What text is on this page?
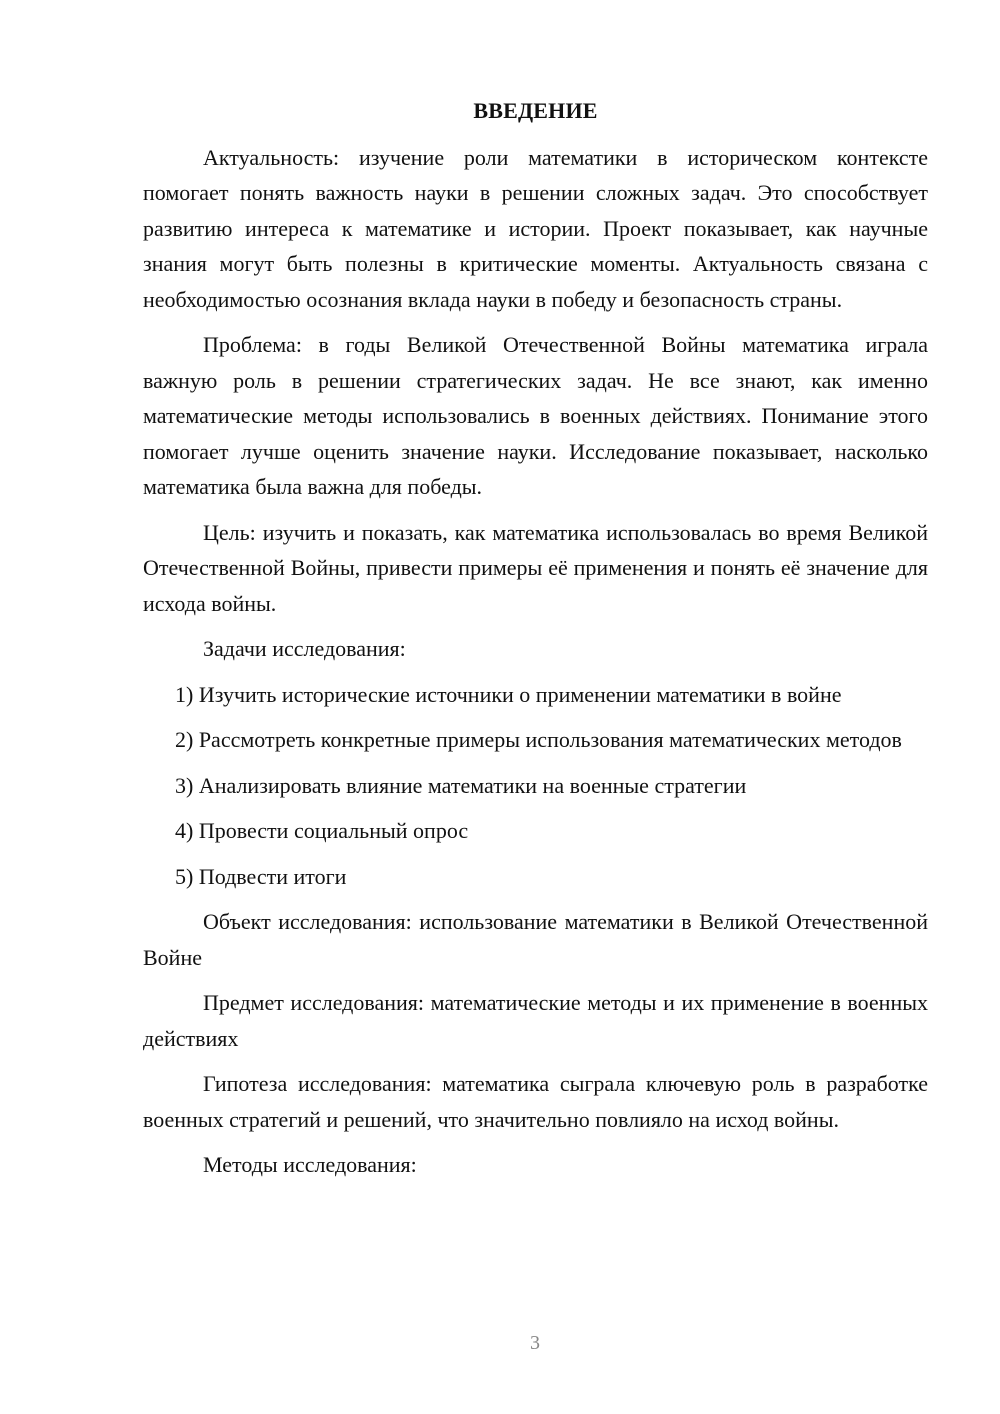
ВВЕДЕНИЕ

Актуальность: изучение роли математики в историческом контексте помогает понять важность науки в решении сложных задач. Это способствует развитию интереса к математике и истории. Проект показывает, как научные знания могут быть полезны в критические моменты. Актуальность связана с необходимостью осознания вклада науки в победу и безопасность страны.

Проблема: в годы Великой Отечественной Войны математика играла важную роль в решении стратегических задач. Не все знают, как именно математические методы использовались в военных действиях. Понимание этого помогает лучше оценить значение науки. Исследование показывает, насколько математика была важна для победы.

Цель: изучить и показать, как математика использовалась во время Великой Отечественной Войны, привести примеры её применения и понять её значение для исхода войны.

Задачи исследования:

1) Изучить исторические источники о применении математики в войне

2) Рассмотреть конкретные примеры использования математических методов

3) Анализировать влияние математики на военные стратегии

4) Провести социальный опрос

5) Подвести итоги

Объект исследования: использование математики в Великой Отечественной Войне

Предмет исследования: математические методы и их применение в военных действиях

Гипотеза исследования: математика сыграла ключевую роль в разработке военных стратегий и решений, что значительно повлияло на исход войны.

Методы исследования:

3
